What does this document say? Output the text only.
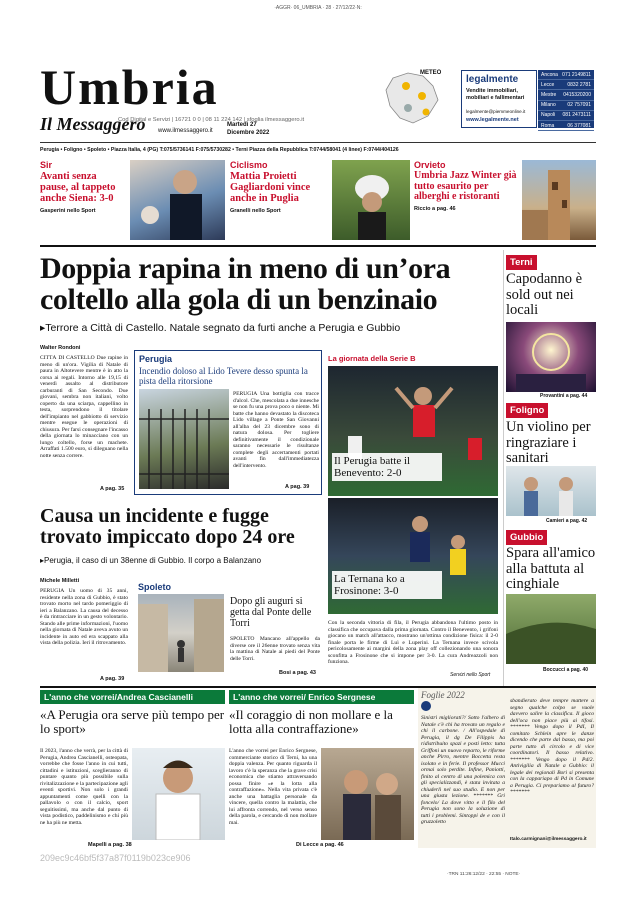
·AGGR· 06_UMBRIA · 28 · 27/12/22·N:
Umbria
Il Messaggero
Cod Digital e Servizi | 16721 0 0 | 08 11 224 142 | sfoglia ilmessaggero.it
www.ilmessaggero.it
Martedì 27
Dicembre 2022
METEO
legalmente
Vendite immobiliari,
mobiliari e fallimentari
legalmente@piemmeonline.it
www.legalmente.net
Ancona 071 2149811
Lecce	0832 2781
Mestre 0415320200
Milano 02 757091
Napoli 081 2473111
Roma	06 377081
Perugia • Foligno • Spoleto • Piazza Italia, 4 (PG) T:075/5736141 F:075/5730282 • Terni Piazza della Repubblica T:0744/58041 (4 linee) F:0744/404126
Sir
Avanti senza pause, al tappeto anche Siena: 3-0
Gasperini nello Sport
Ciclismo
Mattia Proietti Gagliardoni vince anche in Puglia
Granelli nello Sport
Orvieto
Umbria Jazz Winter già tutto esaurito per alberghi e ristoranti
Riccio a pag. 46
Doppia rapina in meno di un’ora coltello alla gola di un benzinaio
▸Terrore a Città di Castello. Natale segnato da furti anche a Perugia e Gubbio
Walter Rondoni
CITTÀ DI CASTELLO Due rapine in meno di un'ora. Vigilia di Natale di paura in Altotevere mentre è in atto la corsa ai regali. Intorno alle 19,15 di venerdì assalto al distributore carburanti di San Secondo. Due giovani, sembra non italiani, volto coperto da una sciarpa, cappellino in testa, sorprendono il titolare dell'impianto nel gabbiotto di servizio mentre esegue le operazioni di chiusura. Per farsi consegnare l'incasso della giornata lo minacciano con un lungo coltello, forse un machete. Arraffati 1.500 euro, si dileguano nella notte senza correre.
A pag. 35
Perugia
Incendio doloso al Lido Tevere desso spunta la pista della ritorsione
PERUGIA Una bottiglia con tracce d'alcol. Che, mescolata a due innesche se non fu una prova poco o niente. Mi batte che hanno devastato la discoteca Lido village a Ponte San Giovanni all'alba del 23 dicembre sono di natura dolosa. Per togliere definitivamente il condizionale saranno necessarie le risultanze complete degli accertamenti portati avanti fin dall'immediatezza dell'intervento.
A pag. 39
La giornata della Serie B
Il Perugia batte il Benevento: 2-0
La Ternana ko a Frosinone: 3-0
Con la seconda vittoria di fila, il Perugia abbandona l'ultimo posto in classifica che occupava dalla prima giornata. Contro il Benevento, i grifoni giocano un match all'attacco, mostrano un'ottima condizione fisica: il 2-0 finale porta le firme di Luì e Luperini. La Ternana invece scivola pericolosamente ai margini della zona play off collezionando una sonora sconfitta a Frosinone che si impone per 3-0. La cura Andreazzoli non funziona.
Servizi nello Sport
Causa un incidente e fugge trovato impiccato dopo 24 ore
▸Perugia, il caso di un 38enne di Gubbio. Il corpo a Balanzano
Michele Milletti
PERUGIA Un uomo di 35 anni, residente nella zona di Gubbio, è stato trovato morto nel tardo pomeriggio di ieri a Balanzano. La causa del decesso è da rintracciare in un gesto volontario. Stando alle prime informazioni, l'uomo nella giornata di Natale aveva avuto un incidente in auto ed era scappato alla vista della polizia. Ieri il ritrovamento.
A pag. 39
Spoleto
Dopo gli auguri si getta dal Ponte delle Torri
SPOLETO Mancano all'appello da diverse ore il 26enne trovato senza vita la mattina di Natale ai piedi del Ponte delle Torri.
Bosi a pag. 43
Terni
Capodanno è sold out nei locali
Provantini a pag. 44
Foligno
Un violino per ringraziare i sanitari
Camieri a pag. 42
Gubbio
Spara all'amico alla battuta al cinghiale
Boccucci a pag. 40
L'anno che vorrei/Andrea Cascianelli
«A Perugia ora serve più tempo per lo sport»
Il 2023, l'anno che verrà, per la città di Perugia, Andrea Cascianelli, osteopata, vorrebbe che fosse l'anno in cui tutti, cittadini e istituzioni, sceglieranno di puntare quanto più possibile sulla rivitalizzazione e la partecipazione agli eventi sportivi. Non solo i grandi appuntamenti come quelli con la pallavolo o con il calcio, sport seguitissimi, ma anche dal punto di vista podistico, paddelinismo e chi più ne ha più ne metta.
Mapelli a pag. 38
L'anno che vorrei/ Enrico Sergnese
«Il coraggio di non mollare e la lotta alla contraffazione»
L'anno che vorrei per Enrico Sergnese, commerciante storico di Terni, ha una doppia valenza. Per quanto riguarda il lavoro c'è la speranza che la grave crisi economica che stiamo attraversando possa finire «e la lotta alla contraffazione». Nella vita privata c'è anche una battaglia personale da vincere, quella contro la malattia, che lui affronta correndo, nel verso senso della parola, e cercando di non mollare mai.
Di Lecce a pag. 46
Foglie 2022
Sinistri migliorati?/ Sotto l'albero di Natale c'è chi ha trovato un regalo e chi il carbone. / All'ospedale di Perugia, il dg De Filippis ha ridistribuito spazi e posti letto: tutta Griffoni un nuovo reparto, le riforme anche Pirro, mentre Boccetta resta isolato e in ferie. Il professor Mucci ormai solo perdite. Infine, Paniotti, finito al centro di una polemica con gli specializzandi, è stata invitata a chiuderli nel suo studio. E non per una giusta lezione. ******* Gri foncelo/ La dove vitto e il filo del Perugia non sono la soluzione di tutti i problemi. Sintoppi de e con il gruzzoletto
sbandierato deve tempre mattere a segno qualche colpo se vuole davvero salire la classifica. Il gioco dell'oca non piace più ai tifosi. ******* Vengo dopo il PdI, Il comitato Schlein apre le danze dicendo che parte dal basso, ma poi parte tutto di circolo e di vice coordinatori. Il basso relativo. ******* Vengo dopo il Pd/2. Antivigilia di Natale a Gubbio: il legale dei regionali Bori si presenta con la cappariapo di Pd in Comune a Perugia. Ci prepariamo al futuro? *******
Italo.carmignani@ilmessaggero.it
209ec9c46bf5f37a87f0119b023ce906
·TRN 11:26:12/22 · 22:55 · NOTE·
